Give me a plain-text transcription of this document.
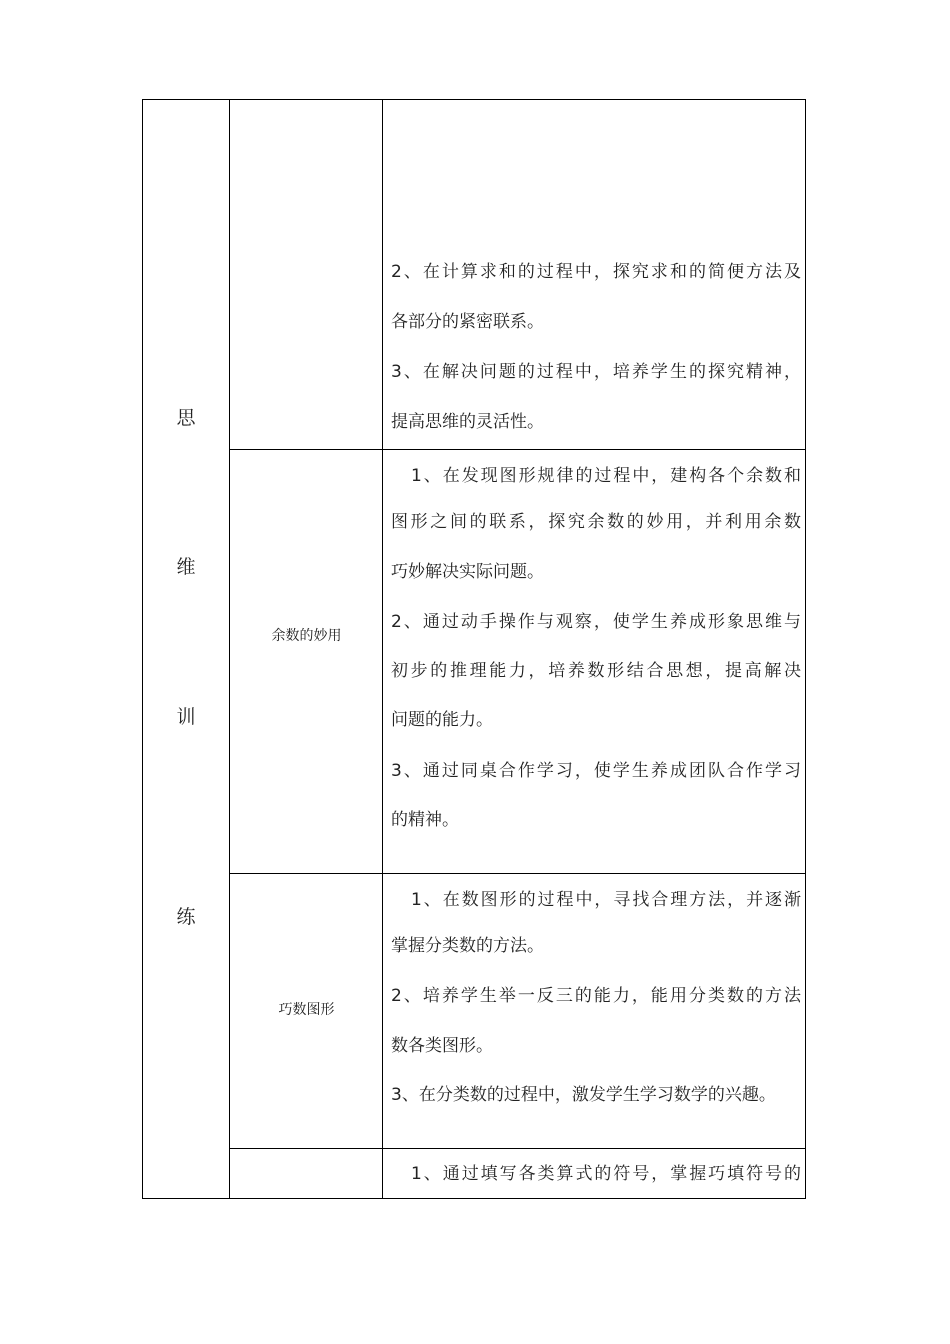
思
维
训
练
余数的妙用
巧数图形
2、在计算求和的过程中，探究求和的简便方法及
各部分的紧密联系。
3、在解决问题的过程中，培养学生的探究精神，
提高思维的灵活性。
1、在发现图形规律的过程中，建构各个余数和
图形之间的联系，探究余数的妙用，并利用余数
巧妙解决实际问题。
2、通过动手操作与观察，使学生养成形象思维与
初步的推理能力，培养数形结合思想，提高解决
问题的能力。
3、通过同桌合作学习，使学生养成团队合作学习
的精神。
1、在数图形的过程中，寻找合理方法，并逐渐
掌握分类数的方法。
2、培养学生举一反三的能力，能用分类数的方法
数各类图形。
3、在分类数的过程中，激发学生学习数学的兴趣。
1、通过填写各类算式的符号，掌握巧填符号的
